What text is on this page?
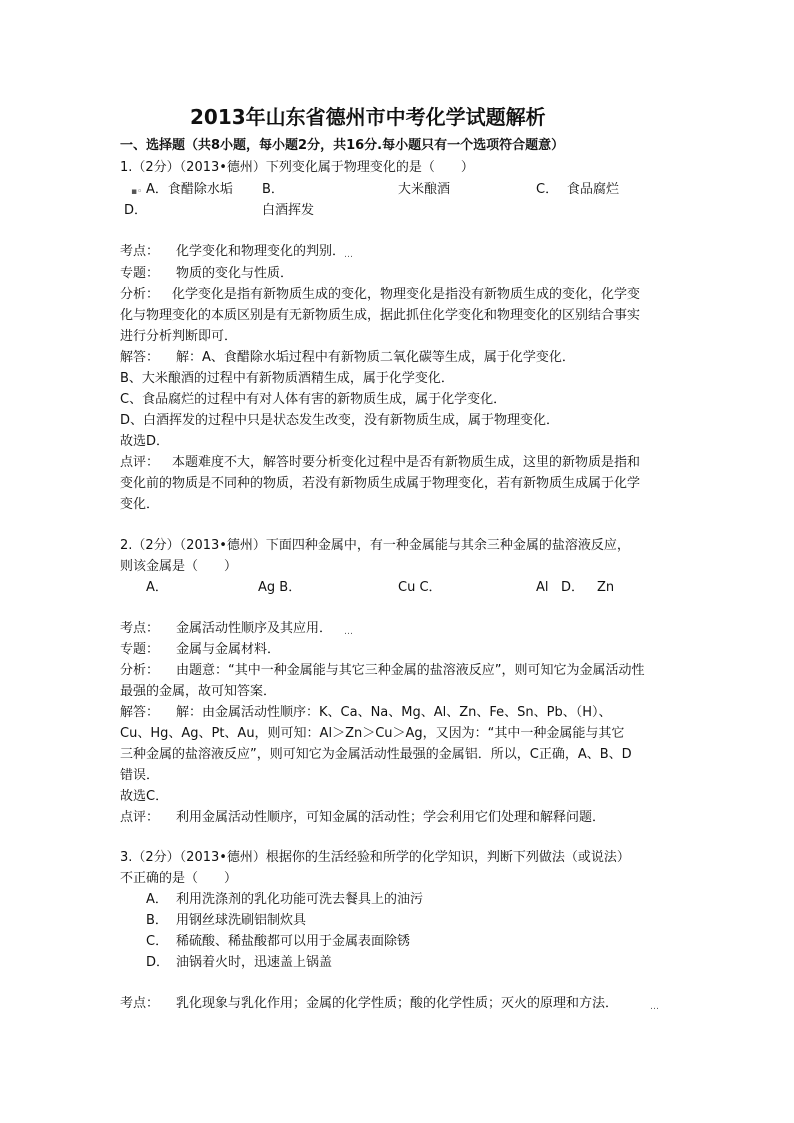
2013年山东省德州市中考化学试题解析
一、选择题（共8小题，每小题2分，共16分.每小题只有一个选项符合题意）
1.（2分）（2013•德州）下列变化属于物理变化的是（　　）
▪◦ A．食醋除水垢 B．	大米酿酒	C． 食品腐烂
D．	白酒挥发
考点： 化学变化和物理变化的判别．
…
专题： 物质的变化与性质．
分析： 化学变化是指有新物质生成的变化，物理变化是指没有新物质生成的变化，化学变
化与物理变化的本质区别是有无新物质生成，据此抓住化学变化和物理变化的区别结合事实
进行分析判断即可．
解答： 解：A、食醋除水垢过程中有新物质二氧化碳等生成，属于化学变化．
B、大米酿酒的过程中有新物质酒精生成，属于化学变化．
C、食品腐烂的过程中有对人体有害的新物质生成，属于化学变化．
D、白酒挥发的过程中只是状态发生改变，没有新物质生成，属于物理变化．
故选D．
点评： 本题难度不大，解答时要分析变化过程中是否有新物质生成，这里的新物质是指和
变化前的物质是不同种的物质，若没有新物质生成属于物理变化，若有新物质生成属于化学
变化．
2.（2分）（2013•德州）下面四种金属中，有一种金属能与其余三种金属的盐溶液反应，
则该金属是（　　）
A．	Ag B．	Cu C．	Al D． Zn
考点： 金属活动性顺序及其应用． …
专题： 金属与金属材料．
分析： 由题意：“其中一种金属能与其它三种金属的盐溶液反应”，则可知它为金属活动性
最强的金属，故可知答案．
解答： 解：由金属活动性顺序：K、Ca、Na、Mg、Al、Zn、Fe、Sn、Pb、（H）、
Cu、Hg、Ag、Pt、Au，则可知：Al＞Zn＞Cu＞Ag，又因为：“其中一种金属能与其它
三种金属的盐溶液反应”，则可知它为金属活动性最强的金属铝．所以，C正确，A、B、D
错误．
故选C．
点评： 利用金属活动性顺序，可知金属的活动性；学会利用它们处理和解释问题．
3.（2分）（2013•德州）根据你的生活经验和所学的化学知识，判断下列做法（或说法）
不正确的是（　　）
A． 利用洗涤剂的乳化功能可洗去餐具上的油污
B． 用钢丝球洗刷铝制炊具
C． 稀硫酸、稀盐酸都可以用于金属表面除锈
D． 油锅着火时，迅速盖上锅盖
考点： 乳化现象与乳化作用；金属的化学性质；酸的化学性质；灭火的原理和方法．	…
